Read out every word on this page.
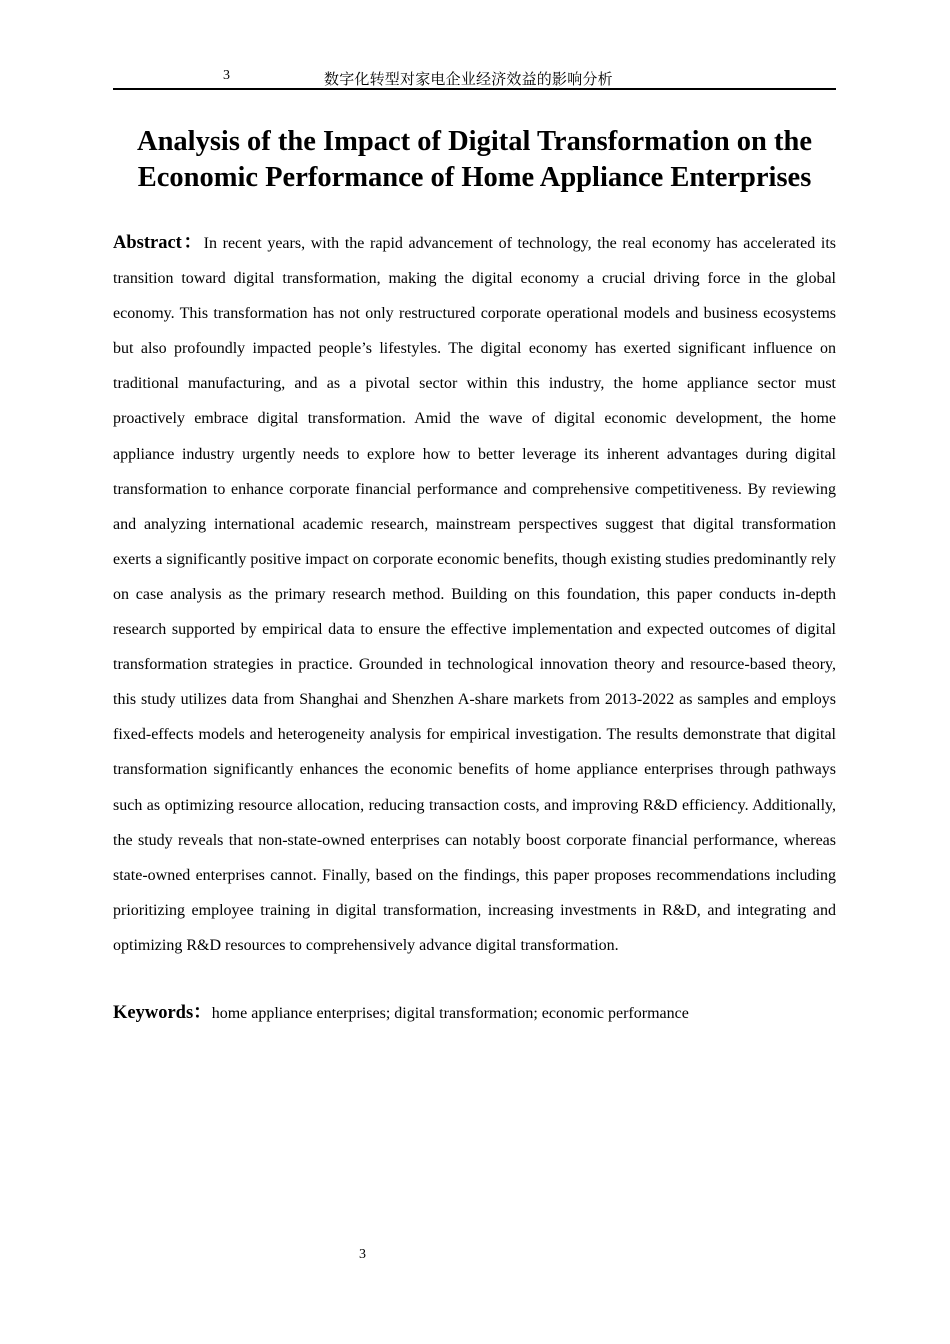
3	数字化转型对家电企业经济效益的影响分析
Analysis of the Impact of Digital Transformation on the
Economic Performance of Home Appliance Enterprises

Abstract：In recent years, with the rapid advancement of technology, the real economy has accelerated its transition toward digital transformation, making the digital economy a crucial driving force in the global economy. This transformation has not only restructured corporate operational models and business ecosystems but also profoundly impacted people’s lifestyles. The digital economy has exerted significant influence on traditional manufacturing, and as a pivotal sector within this industry, the home appliance sector must proactively embrace digital transformation. Amid the wave of digital economic development, the home appliance industry urgently needs to explore how to better leverage its inherent advantages during digital transformation to enhance corporate financial performance and comprehensive competitiveness. By reviewing and analyzing international academic research, mainstream perspectives suggest that digital transformation exerts a significantly positive impact on corporate economic benefits, though existing studies predominantly rely on case analysis as the primary research method. Building on this foundation, this paper conducts in-depth research supported by empirical data to ensure the effective implementation and expected outcomes of digital transformation strategies in practice. Grounded in technological innovation theory and resource-based theory, this study utilizes data from Shanghai and Shenzhen A-share markets from 2013-2022 as samples and employs fixed-effects models and heterogeneity analysis for empirical investigation. The results demonstrate that digital transformation significantly enhances the economic benefits of home appliance enterprises through pathways such as optimizing resource allocation, reducing transaction costs, and improving R&D efficiency. Additionally, the study reveals that non-state-owned enterprises can notably boost corporate financial performance, whereas state-owned enterprises cannot. Finally, based on the findings, this paper proposes recommendations including prioritizing employee training in digital transformation, increasing investments in R&D, and integrating and optimizing R&D resources to comprehensively advance digital transformation.

Keywords：home appliance enterprises; digital transformation; economic performance

3
